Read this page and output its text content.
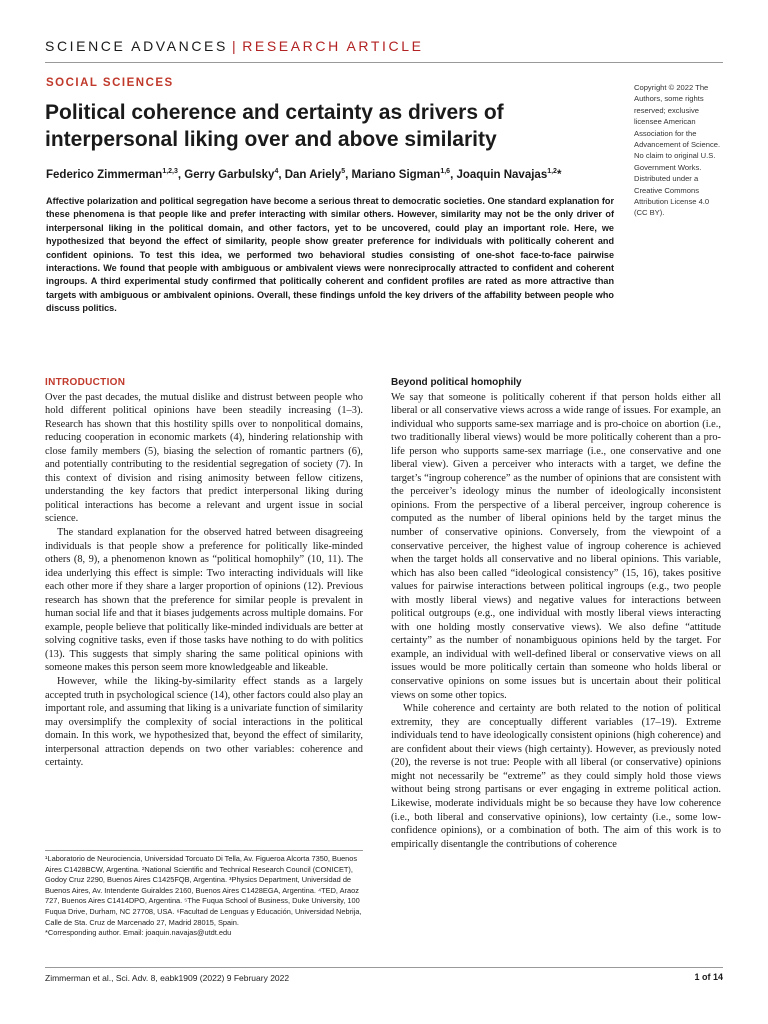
SCIENCE ADVANCES | RESEARCH ARTICLE
SOCIAL SCIENCES
Political coherence and certainty as drivers of interpersonal liking over and above similarity
Federico Zimmerman$^{1,2,3}$, Gerry Garbulsky$^4$, Dan Ariely$^5$, Mariano Sigman$^{1,6}$, Joaquin Navajas$^{1,2}$*

Affective polarization and political segregation have become a serious threat to democratic societies. One standard explanation for these phenomena is that people like and prefer interacting with similar others. However, similarity may not be the only driver of interpersonal liking in the political domain, and other factors, yet to be uncovered, could play an important role. Here, we hypothesized that beyond the effect of similarity, people show greater preference for individuals with politically coherent and confident opinions. To test this idea, we performed two behavioral studies consisting of one-shot face-to-face pairwise interactions. We found that people with ambiguous or ambivalent views were nonreciprocally attracted to confident and coherent ingroups. A third experimental study confirmed that politically coherent and confident profiles are rated as more attractive than targets with ambiguous or ambivalent opinions. Overall, these findings unfold the key drivers of the affability between people who discuss politics.

Copyright © 2022 The Authors, some rights reserved; exclusive licensee American Association for the Advancement of Science. No claim to original U.S. Government Works. Distributed under a Creative Commons Attribution License 4.0 (CC BY).
INTRODUCTION

Over the past decades, the mutual dislike and distrust between people who hold different political opinions have been steadily increasing (1–3). Research has shown that this hostility spills over to nonpolitical domains, reducing cooperation in economic markets (4), hindering relationship with close family members (5), biasing the selection of romantic partners (6), and potentially contributing to the residential segregation of society (7). In this context of division and rising animosity between fellow citizens, understanding the key factors that predict interpersonal liking during political interactions has become a relevant and urgent issue in social science.

The standard explanation for the observed hatred between disagreeing individuals is that people show a preference for politically like-minded others (8, 9), a phenomenon known as “political homophily” (10, 11). The idea underlying this effect is simple: Two interacting individuals will like each other more if they share a larger proportion of opinions (12). Previous research has shown that the preference for similar people is prevalent in human social life and that it biases judgements across multiple domains. For example, people believe that politically like-minded individuals are better at solving cognitive tasks, even if those tasks have nothing to do with politics (13). This suggests that simply sharing the same political opinions with someone makes this person seem more knowledgeable and likeable.

However, while the liking-by-similarity effect stands as a largely accepted truth in psychological science (14), other factors could also play an important role, and assuming that liking is a univariate function of similarity may oversimplify the complexity of social interactions in the political domain. In this work, we hypothesized that, beyond the effect of similarity, interpersonal attraction depends on two other variables: coherence and certainty.

Beyond political homophily

We say that someone is politically coherent if that person holds either all liberal or all conservative views across a wide range of issues. For example, an individual who supports same-sex marriage and is pro-choice on abortion (i.e., two traditionally liberal views) would be more politically coherent than a pro-life person who supports same-sex marriage (i.e., one conservative and one liberal view). Given a perceiver who interacts with a target, we define the target’s “ingroup coherence” as the number of opinions that are consistent with the perceiver’s ideology minus the number of ideologically inconsistent opinions. From the perspective of a liberal perceiver, ingroup coherence is computed as the number of liberal opinions held by the target minus the number of conservative opinions. Conversely, from the viewpoint of a conservative perceiver, the highest value of ingroup coherence is achieved when the target holds all conservative and no liberal opinions. This variable, which has also been called “ideological consistency” (15, 16), takes positive values for pairwise interactions between political ingroups (e.g., two people with mostly liberal views) and negative values for interactions between political outgroups (e.g., one individual with mostly liberal views interacting with one holding mostly conservative views). We also define “attitude certainty” as the number of nonambiguous opinions held by the target. For example, an individual with well-defined liberal or conservative views on all issues would be more politically certain than someone who holds liberal or conservative opinions on some issues but is uncertain about their political views on some other topics.

While coherence and certainty are both related to the notion of political extremity, they are conceptually different variables (17–19). Extreme individuals tend to have ideologically consistent opinions (high coherence) and are confident about their views (high certainty). However, as previously noted (20), the reverse is not true: People with all liberal (or conservative) opinions might not necessarily be “extreme” as they could simply hold those views without being strong partisans or ever engaging in extreme political action. Likewise, moderate individuals might be so because they have low coherence (i.e., both liberal and conservative opinions), low certainty (i.e., some low-confidence opinions), or a combination of both. The aim of this work is to empirically disentangle the contributions of coherence

¹Laboratorio de Neurociencia, Universidad Torcuato Di Tella, Av. Figueroa Alcorta 7350, Buenos Aires C1428BCW, Argentina. ²National Scientific and Technical Research Council (CONICET), Godoy Cruz 2290, Buenos Aires C1425FQB, Argentina. ³Physics Department, Universidad de Buenos Aires, Av. Intendente Guiraldes 2160, Buenos Aires C1428EGA, Argentina. ⁴TED, Araoz 727, Buenos Aires C1414DPO, Argentina. ⁵The Fuqua School of Business, Duke University, 100 Fuqua Drive, Durham, NC 27708, USA. ⁶Facultad de Lenguas y Educación, Universidad Nebrija, Calle de Sta. Cruz de Marcenado 27, Madrid 28015, Spain.

*Corresponding author. Email: joaquin.navajas@utdt.edu

Zimmerman et al., Sci. Adv. 8, eabk1909 (2022) 9 February 2022	1 of 14
